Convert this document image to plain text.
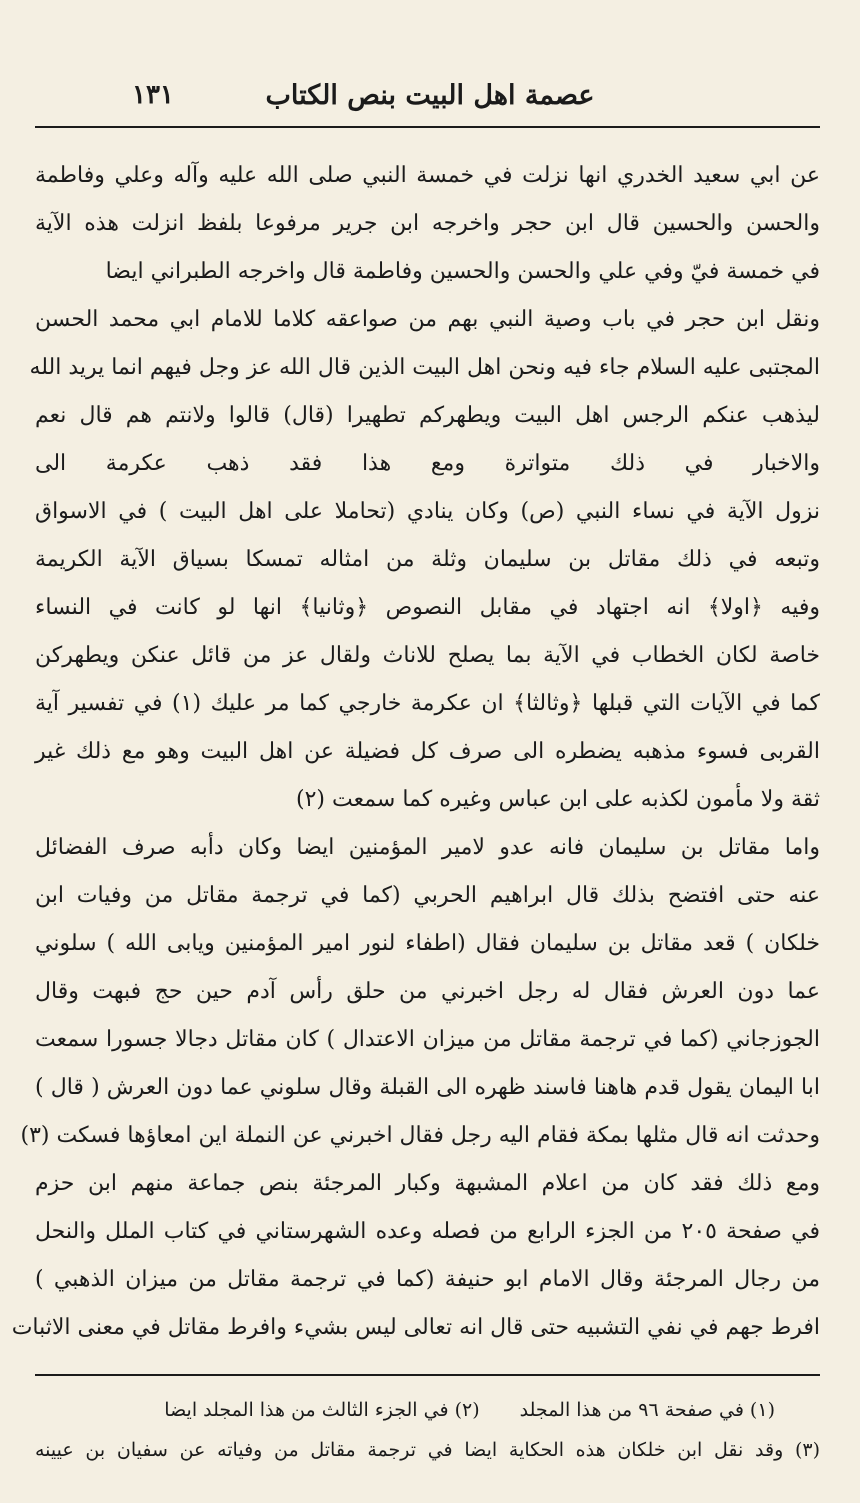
عصمة اهل البيت بنص الكتاب
١٣١
عن ابي سعيد الخدري انها نزلت في خمسة النبي صلى الله عليه وآله وعلي وفاطمة
والحسن والحسين قال ابن حجر واخرجه ابن جرير مرفوعا بلفظ انزلت هذه الآية
في خمسة فيّ وفي علي والحسن والحسين وفاطمة قال واخرجه الطبراني ايضا
ونقل ابن حجر في باب وصية النبي بهم من صواعقه كلاما للامام ابي محمد الحسن
المجتبى عليه السلام جاء فيه ونحن اهل البيت الذين قال الله عز وجل فيهم انما يريد الله
ليذهب عنكم الرجس اهل البيت ويطهركم تطهيرا (قال) قالوا ولانتم هم قال نعم
والاخبار في ذلك متواترة ومع هذا فقد ذهب عكرمة الى
نزول الآية في نساء النبي (ص) وكان ينادي (تحاملا على اهل البيت ) في الاسواق
وتبعه في ذلك مقاتل بن سليمان وثلة من امثاله تمسكا بسياق الآية الكريمة
وفيه ﴿اولا﴾ انه اجتهاد في مقابل النصوص ﴿وثانيا﴾ انها لو كانت في النساء
خاصة لكان الخطاب في الآية بما يصلح للاناث ولقال عز من قائل عنكن ويطهركن
كما في الآيات التي قبلها ﴿وثالثا﴾ ان عكرمة خارجي كما مر عليك (١) في تفسير آية
القربى فسوء مذهبه يضطره الى صرف كل فضيلة عن اهل البيت وهو مع ذلك غير
ثقة ولا مأمون لكذبه على ابن عباس وغيره كما سمعت (٢)
واما مقاتل بن سليمان فانه عدو لامير المؤمنين ايضا وكان دأبه صرف الفضائل
عنه حتى افتضح بذلك قال ابراهيم الحربي (كما في ترجمة مقاتل من وفيات ابن
خلكان ) قعد مقاتل بن سليمان فقال (اطفاء لنور امير المؤمنين ويابى الله ) سلوني
عما دون العرش فقال له رجل اخبرني من حلق رأس آدم حين حج فبهت وقال
الجوزجاني (كما في ترجمة مقاتل من ميزان الاعتدال ) كان مقاتل دجالا جسورا سمعت
ابا اليمان يقول قدم هاهنا فاسند ظهره الى القبلة وقال سلوني عما دون العرش ( قال )
وحدثت انه قال مثلها بمكة فقام اليه رجل فقال اخبرني عن النملة اين امعاؤها فسكت (٣)
ومع ذلك فقد كان من اعلام المشبهة وكبار المرجئة بنص جماعة منهم ابن حزم
في صفحة ٢٠٥ من الجزء الرابع من فصله وعده الشهرستاني في كتاب الملل والنحل
من رجال المرجئة وقال الامام ابو حنيفة (كما في ترجمة مقاتل من ميزان الذهبي )
افرط جهم في نفي التشبيه حتى قال انه تعالى ليس بشيء وافرط مقاتل في معنى الاثبات
(١) في صفحة ٩٦ من هذا المجلد
(٢) في الجزء الثالث من هذا المجلد ايضا
(٣) وقد نقل ابن خلكان هذه الحكاية ايضا في ترجمة مقاتل من وفياته عن سفيان بن عيينه
